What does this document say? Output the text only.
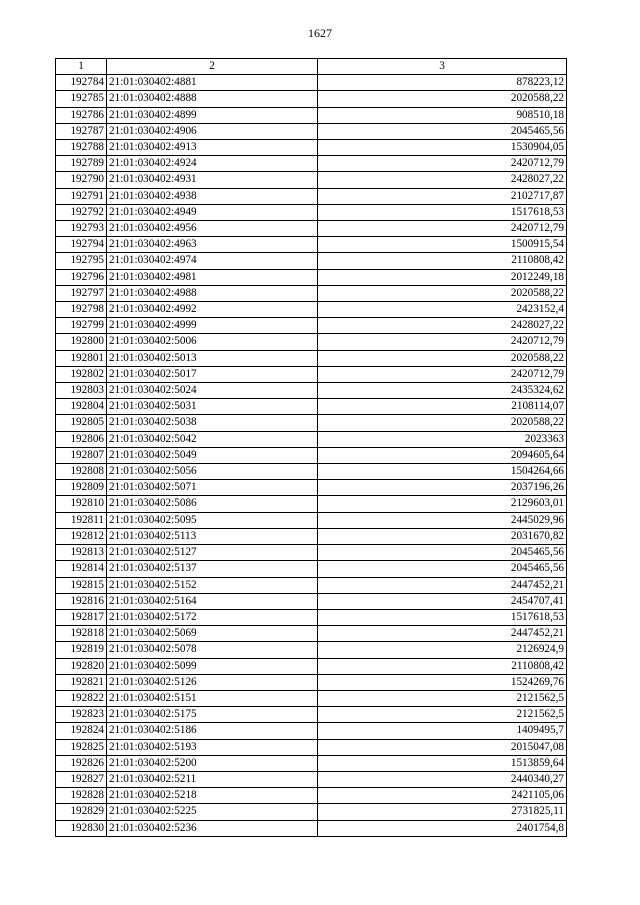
1627
1	2	3
192784	21:01:030402:4881	878223,12
192785	21:01:030402:4888	2020588,22
192786	21:01:030402:4899	908510,18
192787	21:01:030402:4906	2045465,56
192788	21:01:030402:4913	1530904,05
192789	21:01:030402:4924	2420712,79
192790	21:01:030402:4931	2428027,22
192791	21:01:030402:4938	2102717,87
192792	21:01:030402:4949	1517618,53
192793	21:01:030402:4956	2420712,79
192794	21:01:030402:4963	1500915,54
192795	21:01:030402:4974	2110808,42
192796	21:01:030402:4981	2012249,18
192797	21:01:030402:4988	2020588,22
192798	21:01:030402:4992	2423152,4
192799	21:01:030402:4999	2428027,22
192800	21:01:030402:5006	2420712,79
192801	21:01:030402:5013	2020588,22
192802	21:01:030402:5017	2420712,79
192803	21:01:030402:5024	2435324,62
192804	21:01:030402:5031	2108114,07
192805	21:01:030402:5038	2020588,22
192806	21:01:030402:5042	2023363
192807	21:01:030402:5049	2094605,64
192808	21:01:030402:5056	1504264,66
192809	21:01:030402:5071	2037196,26
192810	21:01:030402:5086	2129603,01
192811	21:01:030402:5095	2445029,96
192812	21:01:030402:5113	2031670,82
192813	21:01:030402:5127	2045465,56
192814	21:01:030402:5137	2045465,56
192815	21:01:030402:5152	2447452,21
192816	21:01:030402:5164	2454707,41
192817	21:01:030402:5172	1517618,53
192818	21:01:030402:5069	2447452,21
192819	21:01:030402:5078	2126924,9
192820	21:01:030402:5099	2110808,42
192821	21:01:030402:5126	1524269,76
192822	21:01:030402:5151	2121562,5
192823	21:01:030402:5175	2121562,5
192824	21:01:030402:5186	1409495,7
192825	21:01:030402:5193	2015047,08
192826	21:01:030402:5200	1513859,64
192827	21:01:030402:5211	2440340,27
192828	21:01:030402:5218	2421105,06
192829	21:01:030402:5225	2731825,11
192830	21:01:030402:5236	2401754,8
